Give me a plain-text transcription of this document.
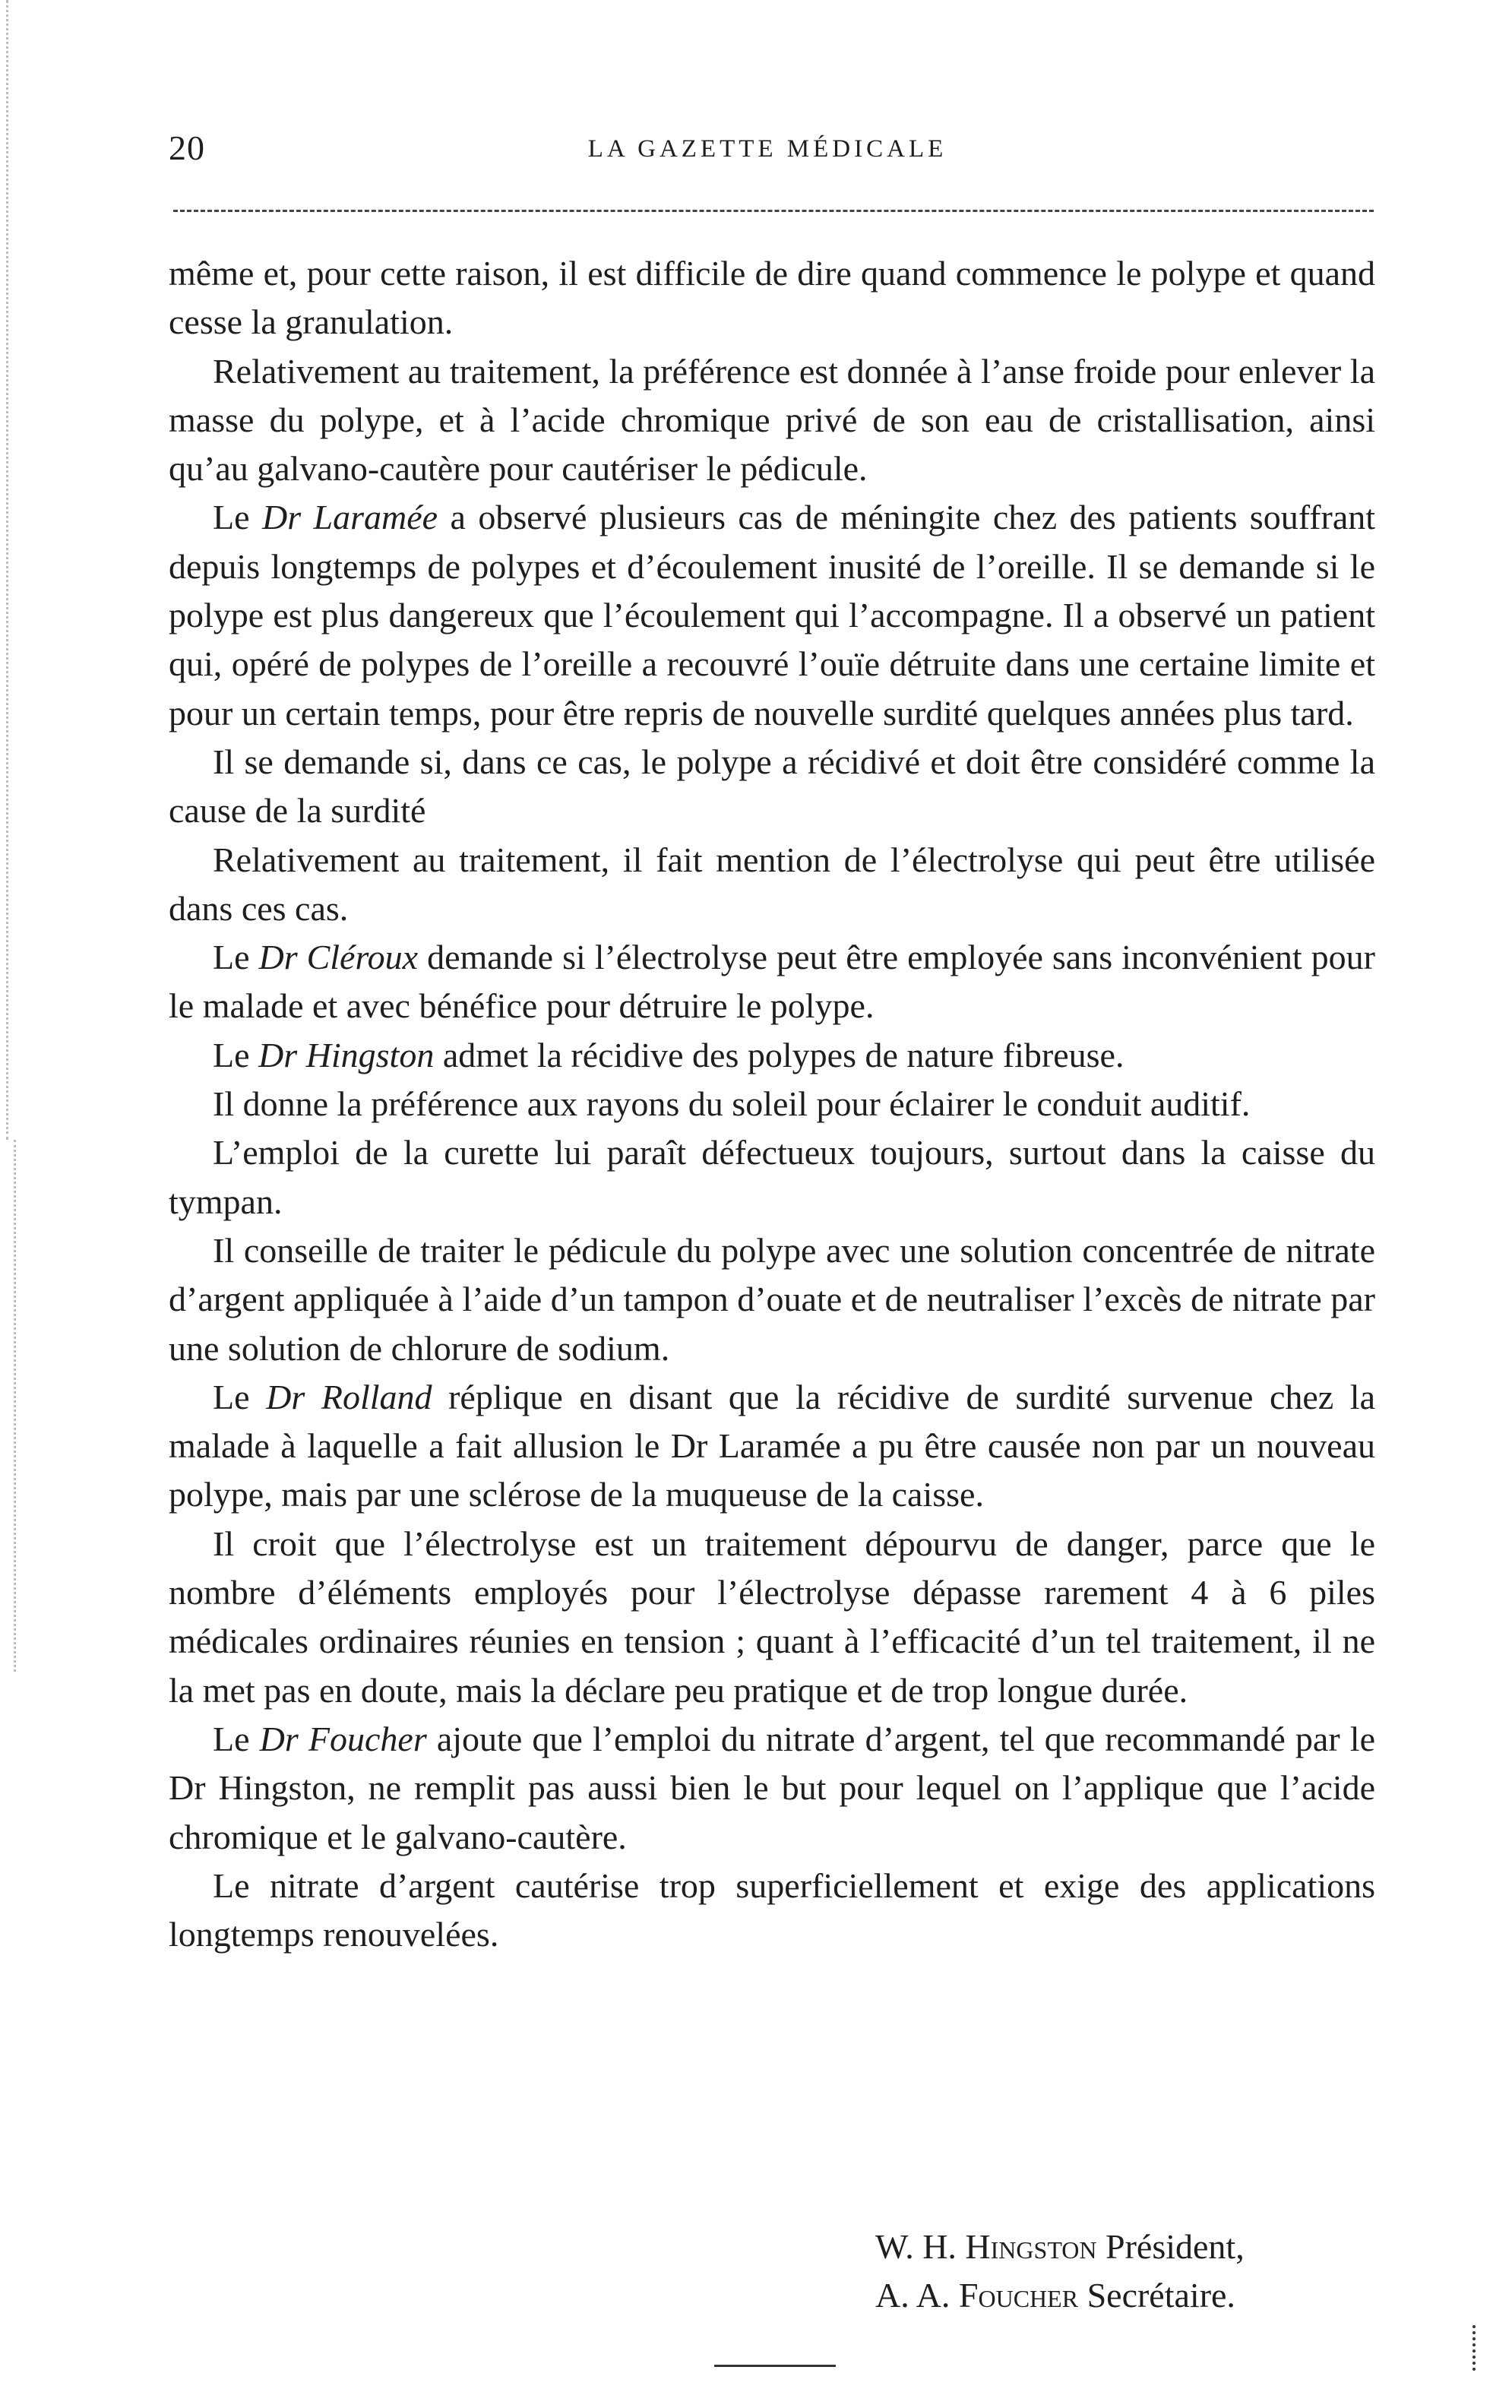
20	LA GAZETTE MÉDICALE

même et, pour cette raison, il est difficile de dire quand commence le polype et quand cesse la granulation.

Relativement au traitement, la préférence est donnée à l’anse froide pour enlever la masse du polype, et à l’acide chromique privé de son eau de cristallisation, ainsi qu’au galvano-cautère pour cautériser le pédicule.

Le Dr Laramée a observé plusieurs cas de méningite chez des patients souffrant depuis longtemps de polypes et d’écoulement inusité de l’oreille. Il se demande si le polype est plus dangereux que l’écoulement qui l’accompagne. Il a observé un patient qui, opéré de polypes de l’oreille a recouvré l’ouïe détruite dans une certaine limite et pour un certain temps, pour être repris de nouvelle surdité quelques années plus tard.

Il se demande si, dans ce cas, le polype a récidivé et doit être considéré comme la cause de la surdité

Relativement au traitement, il fait mention de l’électrolyse qui peut être utilisée dans ces cas.

Le Dr Cléroux demande si l’électrolyse peut être employée sans inconvénient pour le malade et avec bénéfice pour détruire le polype.

Le Dr Hingston admet la récidive des polypes de nature fibreuse.

Il donne la préférence aux rayons du soleil pour éclairer le conduit auditif.

L’emploi de la curette lui paraît défectueux toujours, surtout dans la caisse du tympan.

Il conseille de traiter le pédicule du polype avec une solution concentrée de nitrate d’argent appliquée à l’aide d’un tampon d’ouate et de neutraliser l’excès de nitrate par une solution de chlorure de sodium.

Le Dr Rolland réplique en disant que la récidive de surdité survenue chez la malade à laquelle a fait allusion le Dr Laramée a pu être causée non par un nouveau polype, mais par une sclérose de la muqueuse de la caisse.

Il croit que l’électrolyse est un traitement dépourvu de danger, parce que le nombre d’éléments employés pour l’électrolyse dépasse rarement 4 à 6 piles médicales ordinaires réunies en tension ; quant à l’efficacité d’un tel traitement, il ne la met pas en doute, mais la déclare peu pratique et de trop longue durée.

Le Dr Foucher ajoute que l’emploi du nitrate d’argent, tel que recommandé par le Dr Hingston, ne remplit pas aussi bien le but pour lequel on l’applique que l’acide chromique et le galvano-cautère.

Le nitrate d’argent cautérise trop superficiellement et exige des applications longtemps renouvelées.

W. H. Hingston Président,
A. A. Foucher Secrétaire.
